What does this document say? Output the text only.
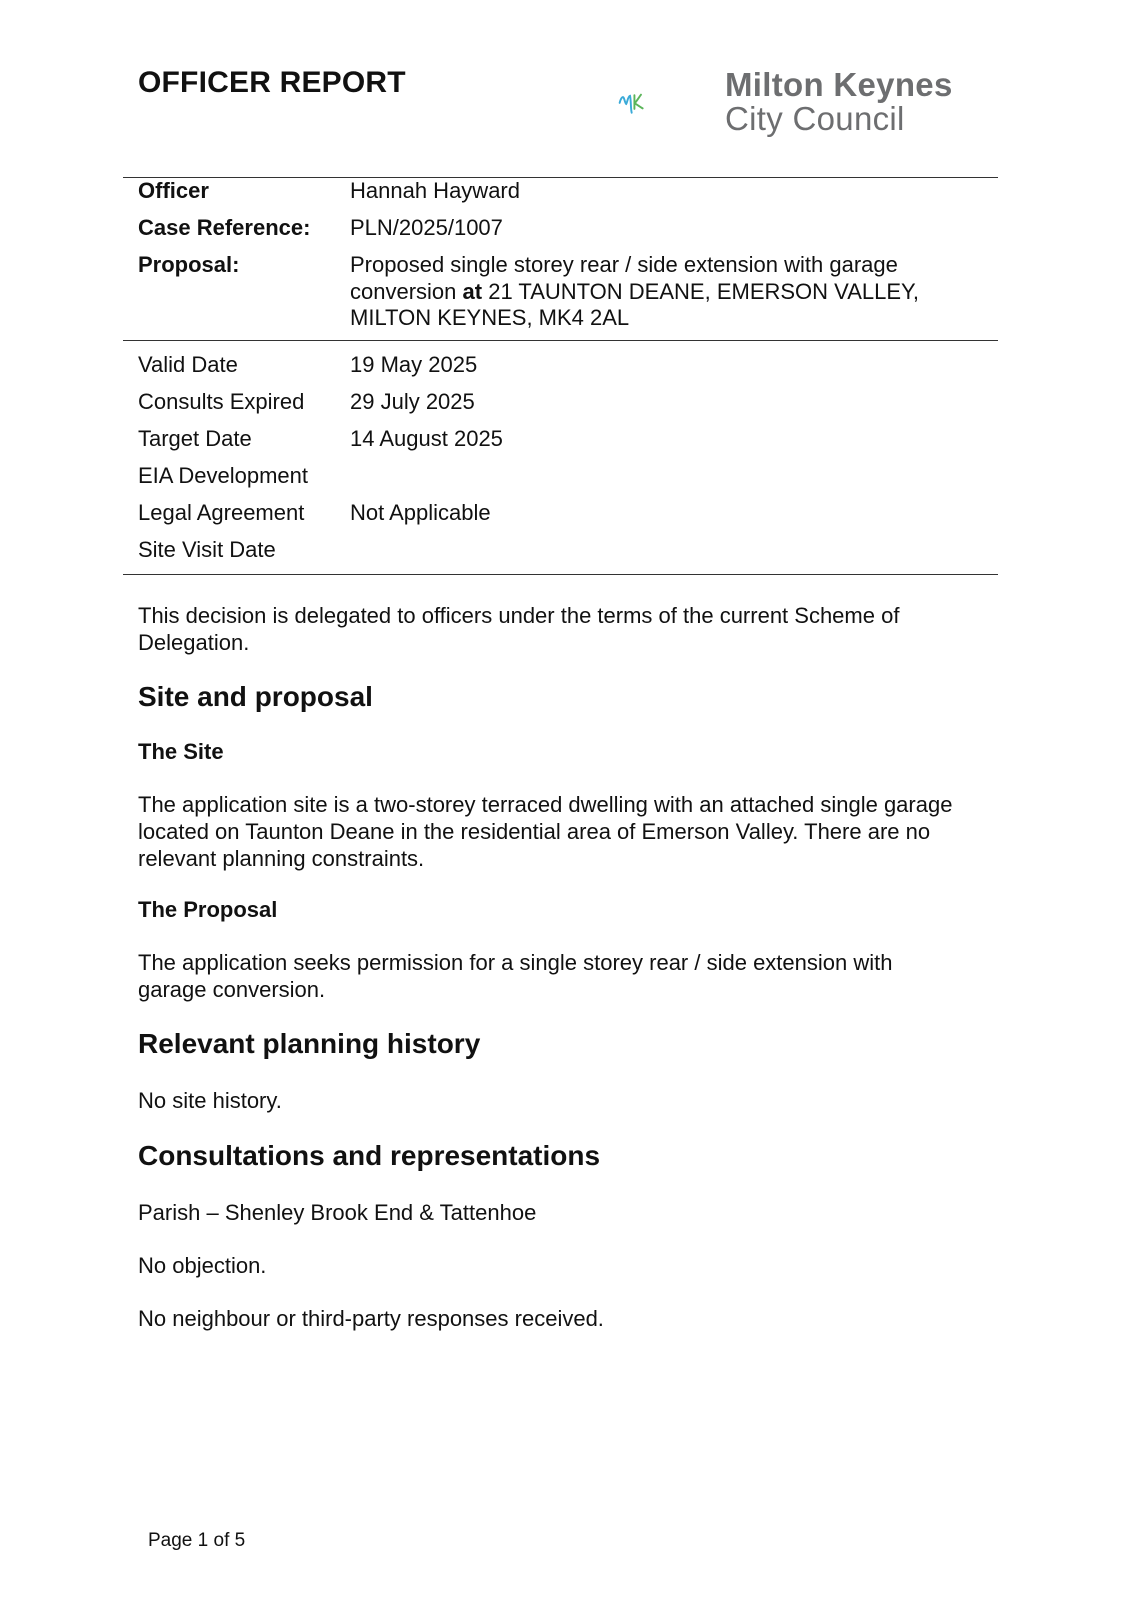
OFFICER REPORT	Milton Keynes
City Council
Officer	Hannah Hayward
Case Reference: PLN/2025/1007
Proposal:	Proposed single storey rear / side extension with garage
conversion at 21 TAUNTON DEANE, EMERSON VALLEY,
MILTON KEYNES, MK4 2AL
Valid Date	19 May 2025
Consults Expired 29 July 2025
Target Date	14 August 2025
EIA Development
Legal Agreement Not Applicable
Site Visit Date
This decision is delegated to officers under the terms of the current Scheme of
Delegation.
Site and proposal
The Site
The application site is a two-storey terraced dwelling with an attached single garage
located on Taunton Deane in the residential area of Emerson Valley. There are no
relevant planning constraints.
The Proposal
The application seeks permission for a single storey rear / side extension with
garage conversion.
Relevant planning history
No site history.
Consultations and representations
Parish – Shenley Brook End & Tattenhoe
No objection.
No neighbour or third-party responses received.
Page 1 of 5
